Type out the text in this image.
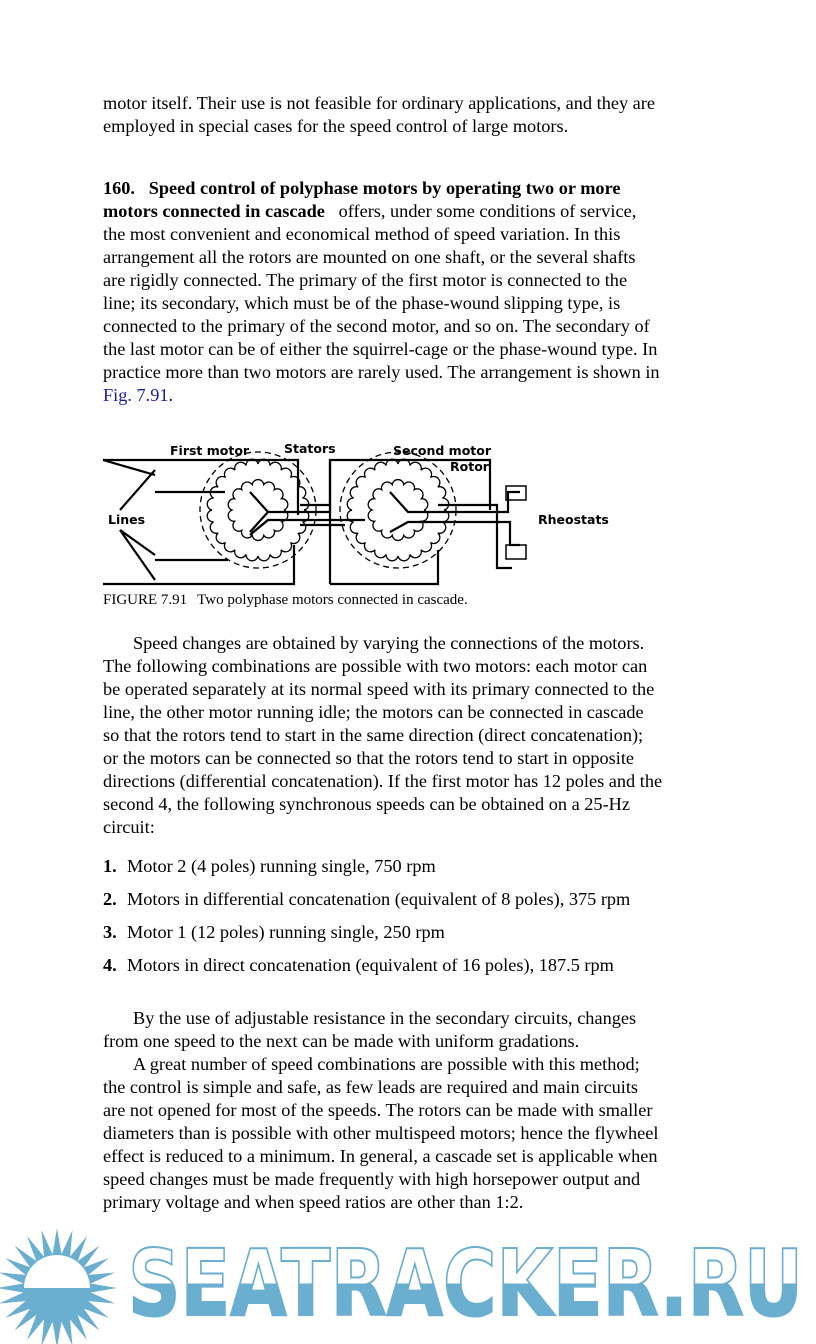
motor itself. Their use is not feasible for ordinary applications, and they are
employed in special cases for the speed control of large motors.
160. Speed control of polyphase motors by operating two or more
motors connected in cascade offers, under some conditions of service,
the most convenient and economical method of speed variation. In this
arrangement all the rotors are mounted on one shaft, or the several shafts
are rigidly connected. The primary of the first motor is connected to the
line; its secondary, which must be of the phase-wound slipping type, is
connected to the primary of the second motor, and so on. The secondary of
the last motor can be of either the squirrel-cage or the phase-wound type. In
practice more than two motors are rarely used. The arrangement is shown in
Fig. 7.91.
First motor	Stators	Second motor
Rotor
Lines	Rheostats
FIGURE 7.91 Two polyphase motors connected in cascade.
Speed changes are obtained by varying the connections of the motors.
The following combinations are possible with two motors: each motor can
be operated separately at its normal speed with its primary connected to the
line, the other motor running idle; the motors can be connected in cascade
so that the rotors tend to start in the same direction (direct concatenation);
or the motors can be connected so that the rotors tend to start in opposite
directions (differential concatenation). If the first motor has 12 poles and the
second 4, the following synchronous speeds can be obtained on a 25-Hz
circuit:
1. Motor 2 (4 poles) running single, 750 rpm
2. Motors in differential concatenation (equivalent of 8 poles), 375 rpm
3. Motor 1 (12 poles) running single, 250 rpm
4. Motors in direct concatenation (equivalent of 16 poles), 187.5 rpm
By the use of adjustable resistance in the secondary circuits, changes
from one speed to the next can be made with uniform gradations.
A great number of speed combinations are possible with this method;
the control is simple and safe, as few leads are required and main circuits
are not opened for most of the speeds. The rotors can be made with smaller
diameters than is possible with other multispeed motors; hence the flywheel
effect is reduced to a minimum. In general, a cascade set is applicable when
speed changes must be made frequently with high horsepower output and
primary voltage and when speed ratios are other than 1:2.
SEATRACKER.RU
